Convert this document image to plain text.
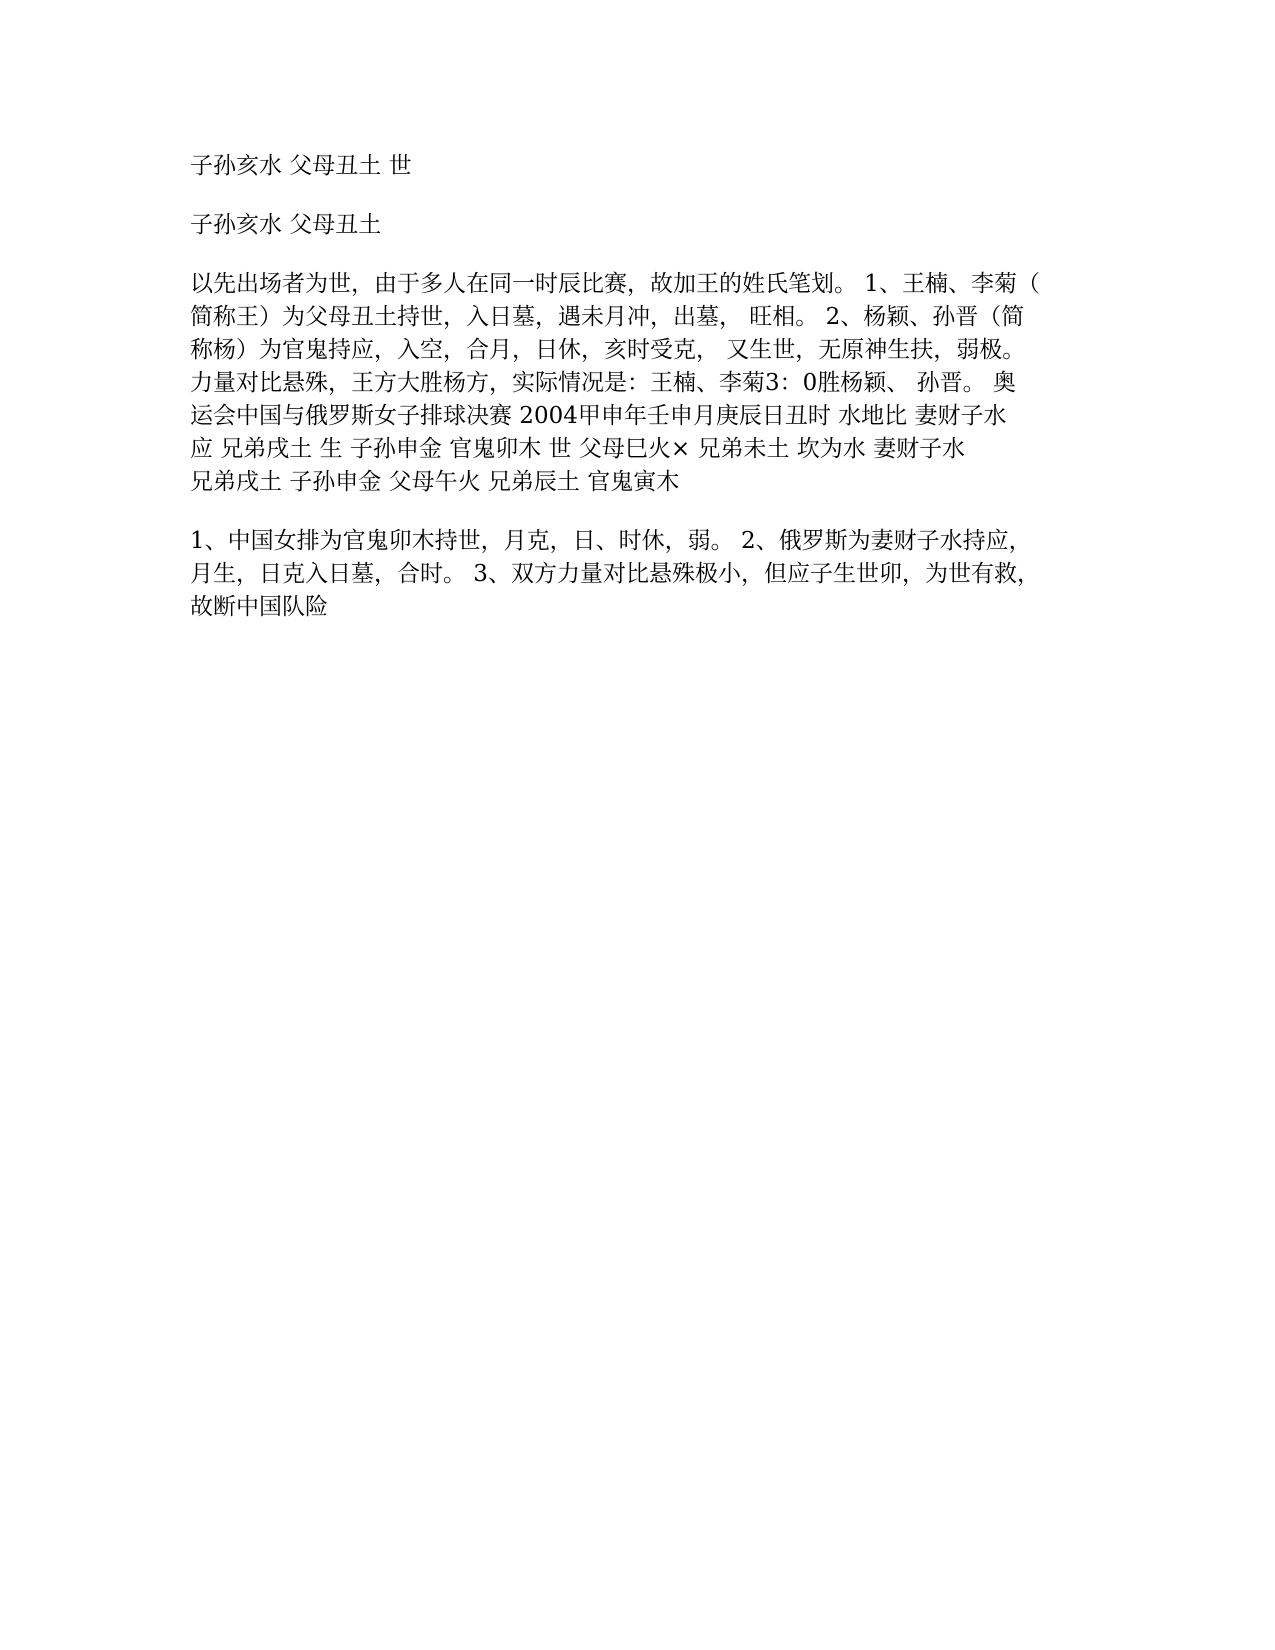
子孙亥水 父母丑土 世

子孙亥水 父母丑土

以先出场者为世，由于多人在同一时辰比赛，故加王的姓氏笔划。 1、王楠、李菊（
简称王）为父母丑土持世，入日墓，遇未月冲，出墓， 旺相。 2、杨颖、孙晋（简
称杨）为官鬼持应，入空，合月，日休，亥时受克， 又生世，无原神生扶，弱极。
力量对比悬殊，王方大胜杨方，实际情况是：王楠、李菊3：0胜杨颖、 孙晋。 奥
运会中国与俄罗斯女子排球决赛 2004甲申年壬申月庚辰日丑时 水地比 妻财子水
应 兄弟戌土 生 子孙申金 官鬼卯木 世 父母巳火× 兄弟未土 坎为水 妻财子水
兄弟戌土 子孙申金 父母午火 兄弟辰土 官鬼寅木

1、中国女排为官鬼卯木持世，月克，日、时休，弱。 2、俄罗斯为妻财子水持应，
月生，日克入日墓，合时。 3、双方力量对比悬殊极小，但应子生世卯，为世有救，
故断中国队险
